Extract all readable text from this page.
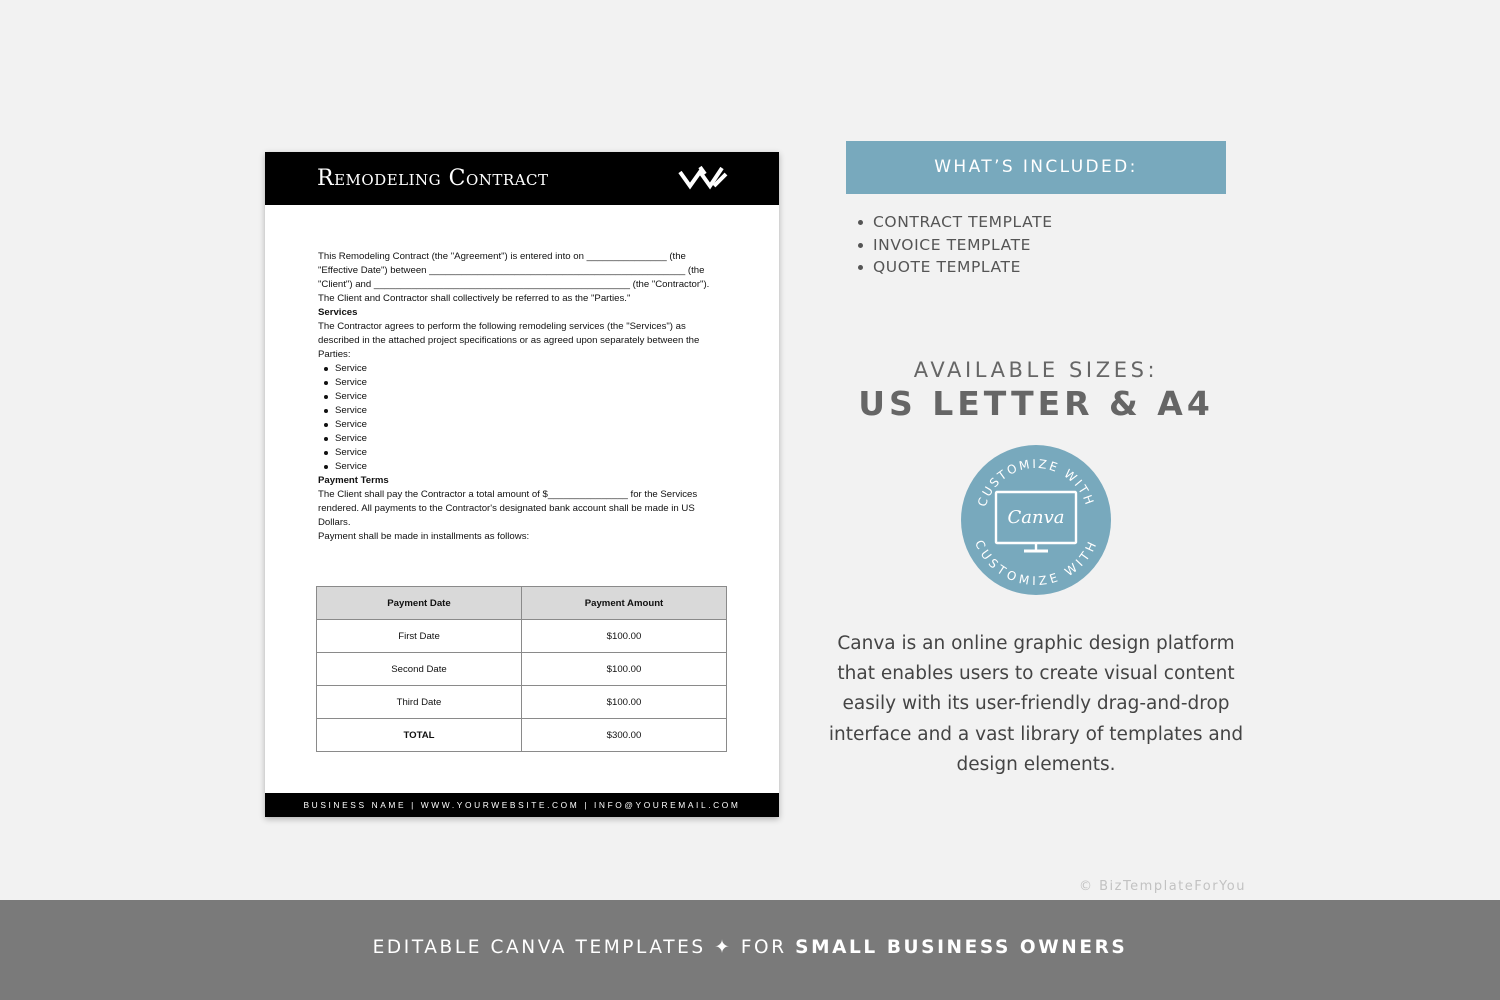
Remodeling Contract

This Remodeling Contract (the "Agreement") is entered into on _______________ (the "Effective Date") between ________________________________________________ (the "Client") and ________________________________________________ (the "Contractor"). The Client and Contractor shall collectively be referred to as the "Parties."

Services

The Contractor agrees to perform the following remodeling services (the "Services") as described in the attached project specifications or as agreed upon separately between the Parties:

Service
Service
Service
Service
Service
Service
Service
Service

Payment Terms

The Client shall pay the Contractor a total amount of $_______________ for the Services rendered. All payments to the Contractor's designated bank account shall be made in US Dollars.

Payment shall be made in installments as follows:

Payment Date	Payment Amount
First Date	$100.00
Second Date	$100.00
Third Date	$100.00
TOTAL	$300.00
BUSINESS NAME | WWW.YOURWEBSITE.COM | INFO@YOUREMAIL.COM
WHAT’S INCLUDED:
CONTRACT TEMPLATE
INVOICE TEMPLATE
QUOTE TEMPLATE
AVAILABLE SIZES:
US LETTER & A4
CUSTOMIZE WITH
CUSTOMIZE WITH
Canva
Canva is an online graphic design platform that enables users to create visual content easily with its user-friendly drag-and-drop interface and a vast library of templates and design elements.
© BizTemplateForYou
EDITABLE CANVA TEMPLATES ✦ FOR SMALL BUSINESS OWNERS
